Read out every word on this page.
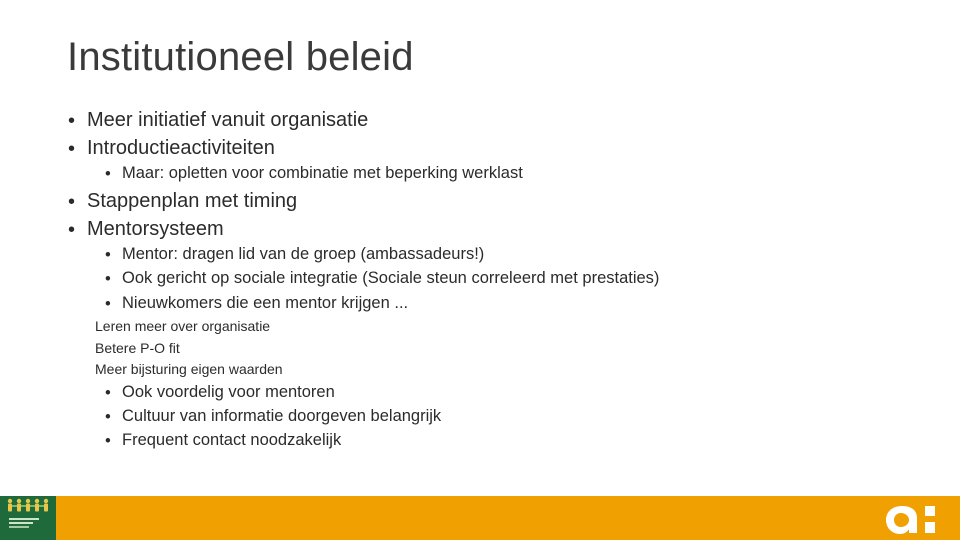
Institutioneel beleid
• Meer initiatief vanuit organisatie
• Introductieactiviteiten
• Maar: opletten voor combinatie met beperking werklast
• Stappenplan met timing
• Mentorsysteem
• Mentor: dragen lid van de groep (ambassadeurs!)
• Ook gericht op sociale integratie (Sociale steun correleerd met prestaties)
• Nieuwkomers die een mentor krijgen ...
Leren meer over organisatie
Betere P-O fit
Meer bijsturing eigen waarden
• Ook voordelig voor mentoren
• Cultuur van informatie doorgeven belangrijk
• Frequent contact noodzakelijk
